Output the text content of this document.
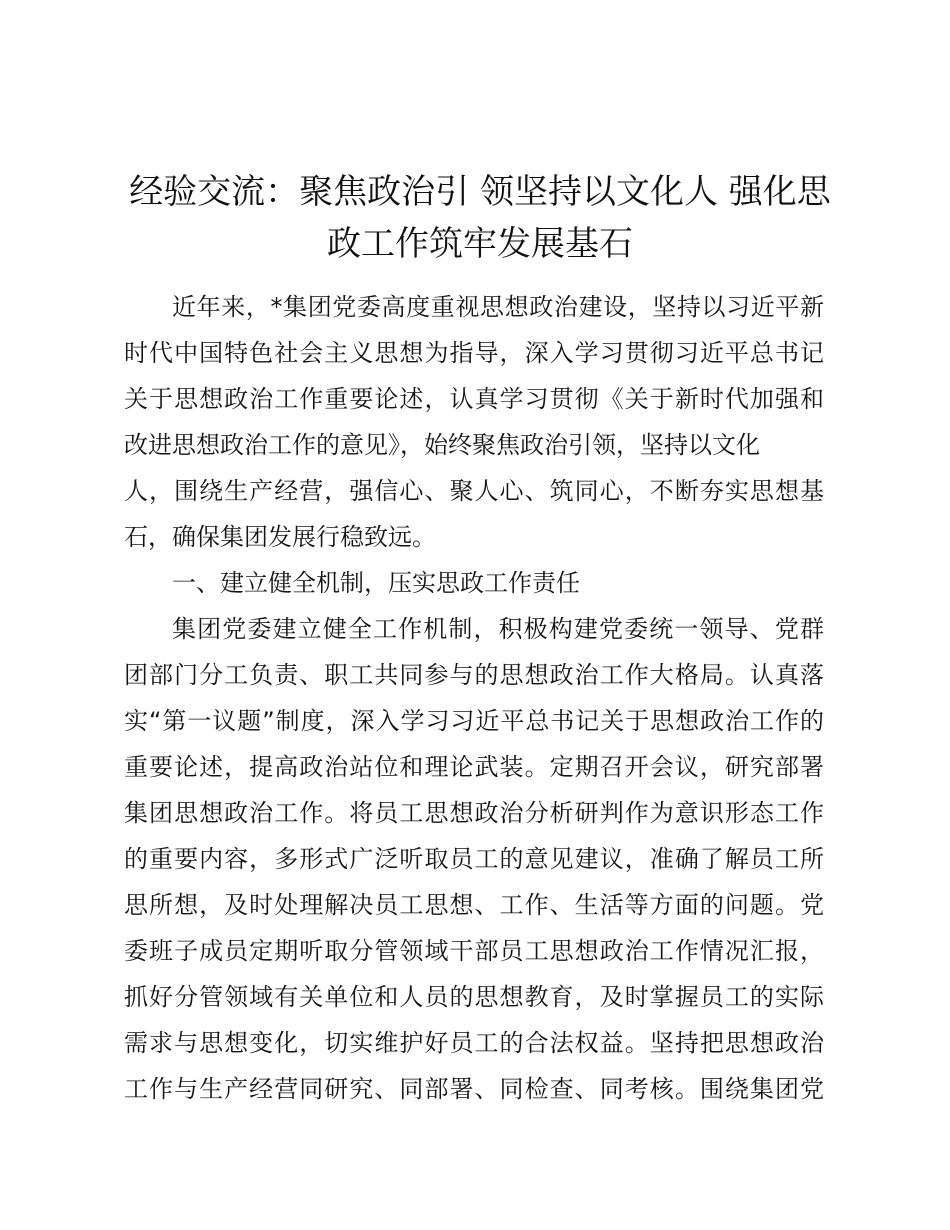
经验交流：聚焦政治引 领坚持以文化人 强化思
政工作筑牢发展基石
近年来，*集团党委高度重视思想政治建设，坚持以习近平新
时代中国特色社会主义思想为指导，深入学习贯彻习近平总书记
关于思想政治工作重要论述，认真学习贯彻《关于新时代加强和
改进思想政治工作的意见》，始终聚焦政治引领，坚持以文化
人，围绕生产经营，强信心、聚人心、筑同心，不断夯实思想基
石，确保集团发展行稳致远。
一、建立健全机制，压实思政工作责任
集团党委建立健全工作机制，积极构建党委统一领导、党群
团部门分工负责、职工共同参与的思想政治工作大格局。认真落
实“第一议题”制度，深入学习习近平总书记关于思想政治工作的
重要论述，提高政治站位和理论武装。定期召开会议，研究部署
集团思想政治工作。将员工思想政治分析研判作为意识形态工作
的重要内容，多形式广泛听取员工的意见建议，准确了解员工所
思所想，及时处理解决员工思想、工作、生活等方面的问题。党
委班子成员定期听取分管领域干部员工思想政治工作情况汇报，
抓好分管领域有关单位和人员的思想教育，及时掌握员工的实际
需求与思想变化，切实维护好员工的合法权益。坚持把思想政治
工作与生产经营同研究、同部署、同检查、同考核。围绕集团党
